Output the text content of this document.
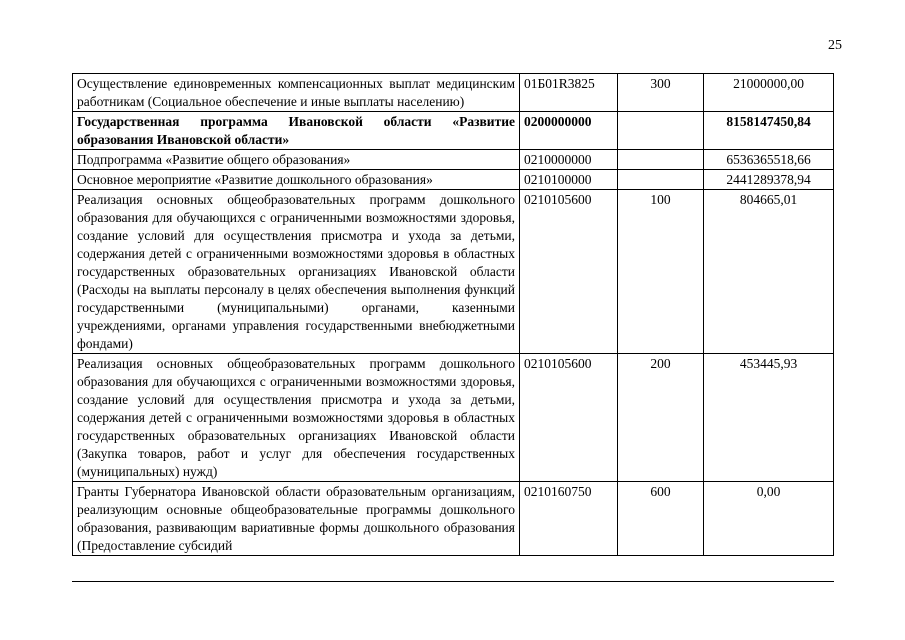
25
Осуществление единовременных компенсационных выплат медицинским работникам (Социальное обеспечение и иные выплаты населению)	01Б01R3825	300	21000000,00
Государственная программа Ивановской области «Развитие образования Ивановской области»	0200000000		8158147450,84
Подпрограмма «Развитие общего образования»	0210000000		6536365518,66
Основное мероприятие «Развитие дошкольного образования»	0210100000		2441289378,94
Реализация основных общеобразовательных программ дошкольного образования для обучающихся с ограниченными возможностями здоровья, создание условий для осуществления присмотра и ухода за детьми, содержания детей с ограниченными возможностями здоровья в областных государственных образовательных организациях Ивановской области (Расходы на выплаты персоналу в целях обеспечения выполнения функций государственными (муниципальными) органами, казенными учреждениями, органами управления государственными внебюджетными фондами)	0210105600	100	804665,01
Реализация основных общеобразовательных программ дошкольного образования для обучающихся с ограниченными возможностями здоровья, создание условий для осуществления присмотра и ухода за детьми, содержания детей с ограниченными возможностями здоровья в областных государственных образовательных организациях Ивановской области (Закупка товаров, работ и услуг для обеспечения государственных (муниципальных) нужд)	0210105600	200	453445,93
Гранты Губернатора Ивановской области образовательным организациям, реализующим основные общеобразовательные программы дошкольного образования, развивающим вариативные формы дошкольного образования (Предоставление субсидий	0210160750	600	0,00
